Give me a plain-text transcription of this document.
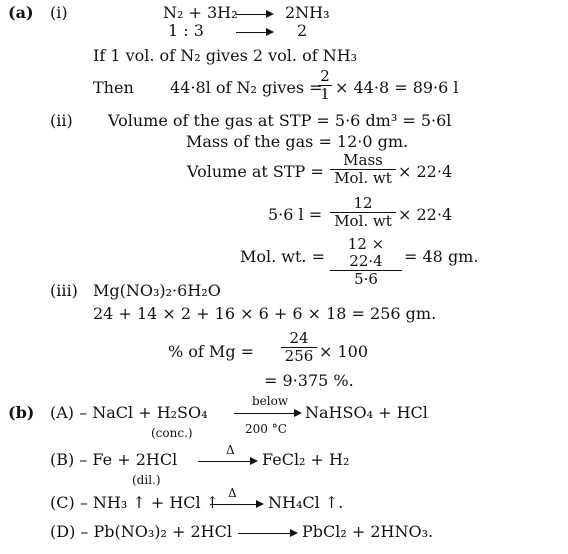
(a) (i)	N₂ + 3H₂ → 2NH₃
1 : 3	2
If 1 vol. of N₂ gives 2 vol. of NH₃
Then 44·8l of N₂ gives =
$\frac{2}{1} \times 44\cdot 8 = 89\cdot 6$ l
(ii) Volume of the gas at STP = 5·6 dm³ = 5·6l
Mass of the gas = 12·0 gm.
Volume at STP =
Mass
Mol. wt × 22·4
5·6 l =
12
Mol. wt × 22·4
Mol. wt. = $\frac{12 \times 22\cdot 4}{5\cdot 6} = 48$ gm.
(iii) Mg(NO₃)₂·6H₂O
24 + 14 × 2 + 16 × 6 + 6 × 18 = 256 gm.
% of $Mg = \frac{24}{256} \times 100$
= 9·375 %.
(b) (A) – NaCl + H₂SO₄
(conc.)
below
200 °C
NaHSO₄ + HCl
(B) – Fe + 2HCl
(dil.)
Δ FeCl₂ + H₂
(C) – NH₃ ↑ + HCl ↑ Δ NH₄Cl ↑.
(D) – Pb(NO₃)₂ + 2HCl	PbCl₂ + 2HNO₃.
